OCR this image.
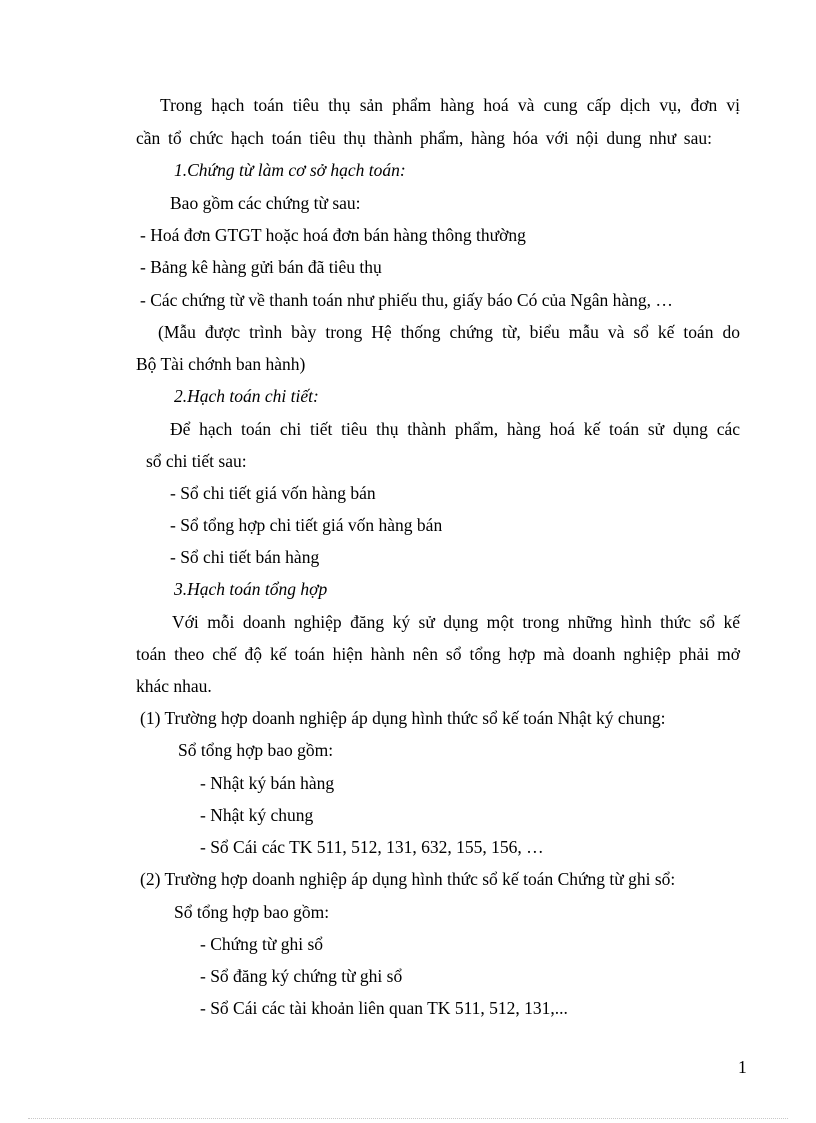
Trong hạch toán tiêu thụ sản phẩm hàng hoá và cung cấp dịch vụ, đơn vị
cần tổ chức hạch toán tiêu thụ thành phẩm, hàng hóa với nội dung như sau:
1.Chứng từ làm cơ sở hạch toán:
Bao gồm các chứng từ sau:
- Hoá đơn GTGT hoặc hoá đơn bán hàng thông thường
- Bảng kê hàng gửi bán đã tiêu thụ
- Các chứng từ về thanh toán như phiếu thu, giấy báo Có của Ngân hàng, …
(Mẫu được trình bày trong Hệ thống chứng từ, biểu mẫu và sổ kế toán do
Bộ Tài chớnh ban hành)
2.Hạch toán chi tiết:
Để hạch toán chi tiết tiêu thụ thành phẩm, hàng hoá kế toán sử dụng các
sổ chi tiết sau:
- Sổ chi tiết giá vốn hàng bán
- Sổ tổng hợp chi tiết giá vốn hàng bán
- Sổ chi tiết bán hàng
3.Hạch toán tổng hợp
Với mỗi doanh nghiệp đăng ký sử dụng một trong những hình thức sổ kế
toán theo chế độ kế toán hiện hành nên sổ tổng hợp mà doanh nghiệp phải mở
khác nhau.
(1) Trường hợp doanh nghiệp áp dụng hình thức sổ kế toán Nhật ký chung:
Sổ tổng hợp bao gồm:
- Nhật ký bán hàng
- Nhật ký chung
- Sổ Cái các TK 511, 512, 131, 632, 155, 156, …
(2) Trường hợp doanh nghiệp áp dụng hình thức sổ kế toán Chứng từ ghi sổ:
Sổ tổng hợp bao gồm:
- Chứng từ ghi sổ
- Sổ đăng ký chứng từ ghi sổ
- Sổ Cái các tài khoản liên quan TK 511, 512, 131,...
1
